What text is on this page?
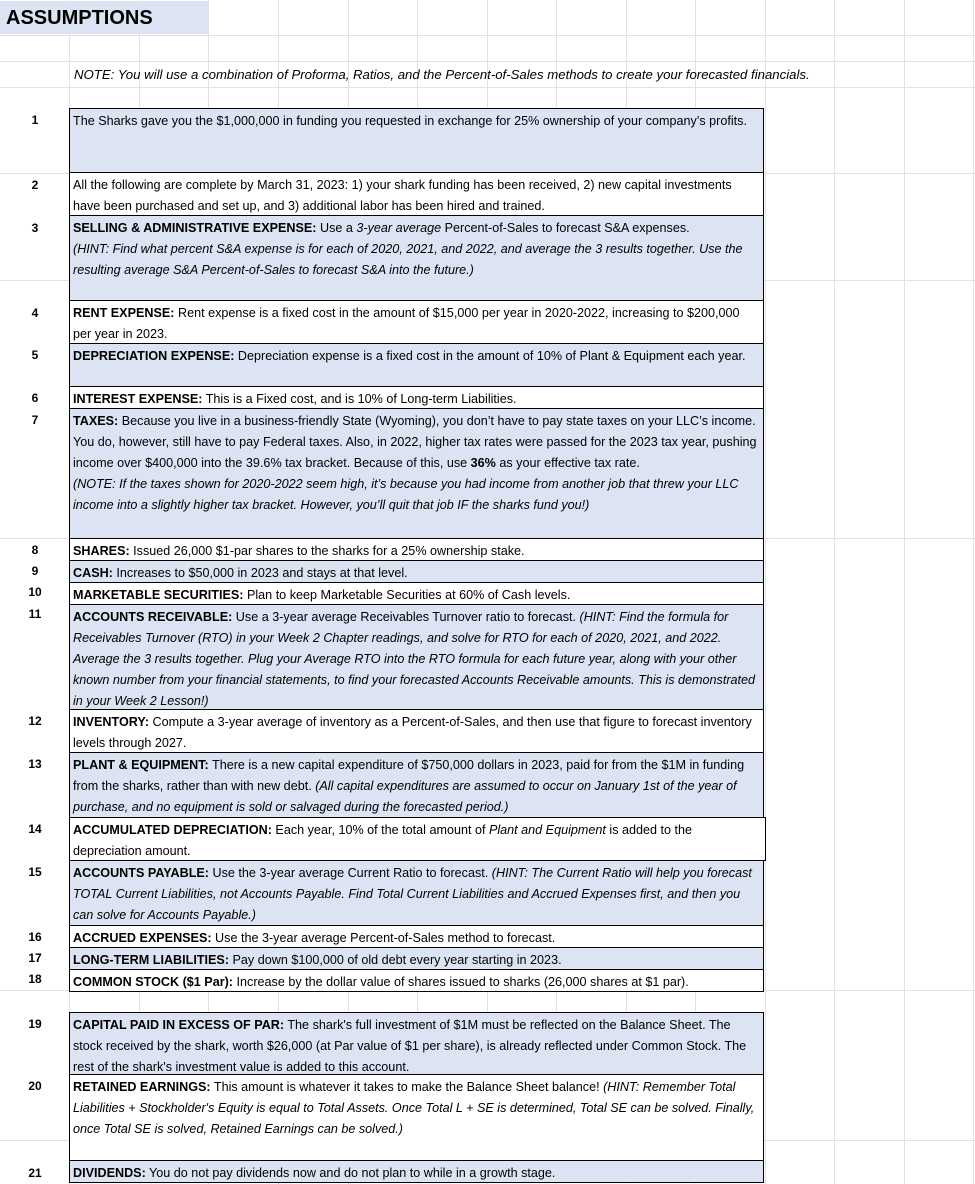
ASSUMPTIONS
NOTE: You will use a combination of Proforma, Ratios, and the Percent-of-Sales methods to create your forecasted financials.
1	The Sharks gave you the $1,000,000 in funding you requested in exchange for 25% ownership of your company’s profits.
2	All the following are complete by March 31, 2023: 1) your shark funding has been received, 2) new capital investments have been purchased and set up, and 3) additional labor has been hired and trained.
3	SELLING & ADMINISTRATIVE EXPENSE: Use a 3-year average Percent-of-Sales to forecast S&A expenses.
(HINT: Find what percent S&A expense is for each of 2020, 2021, and 2022, and average the 3 results together. Use the resulting average S&A Percent-of-Sales to forecast S&A into the future.)
4	RENT EXPENSE: Rent expense is a fixed cost in the amount of $15,000 per year in 2020-2022, increasing to $200,000 per year in 2023.
5	DEPRECIATION EXPENSE: Depreciation expense is a fixed cost in the amount of 10% of Plant & Equipment each year.
6	INTEREST EXPENSE: This is a Fixed cost, and is 10% of Long-term Liabilities.
7	TAXES: Because you live in a business-friendly State (Wyoming), you don’t have to pay state taxes on your LLC’s income. You do, however, still have to pay Federal taxes. Also, in 2022, higher tax rates were passed for the 2023 tax year, pushing income over $400,000 into the 39.6% tax bracket. Because of this, use 36% as your effective tax rate.
(NOTE: If the taxes shown for 2020-2022 seem high, it’s because you had income from another job that threw your LLC income into a slightly higher tax bracket. However, you’ll quit that job IF the sharks fund you!)
8	SHARES: Issued 26,000 $1-par shares to the sharks for a 25% ownership stake.
9	CASH: Increases to $50,000 in 2023 and stays at that level.
10	MARKETABLE SECURITIES: Plan to keep Marketable Securities at 60% of Cash levels.
11	ACCOUNTS RECEIVABLE: Use a 3-year average Receivables Turnover ratio to forecast. (HINT: Find the formula for Receivables Turnover (RTO) in your Week 2 Chapter readings, and solve for RTO for each of 2020, 2021, and 2022. Average the 3 results together. Plug your Average RTO into the RTO formula for each future year, along with your other known number from your financial statements, to find your forecasted Accounts Receivable amounts. This is demonstrated in your Week 2 Lesson!)
12	INVENTORY: Compute a 3-year average of inventory as a Percent-of-Sales, and then use that figure to forecast inventory levels through 2027.
13	PLANT & EQUIPMENT: There is a new capital expenditure of $750,000 dollars in 2023, paid for from the $1M in funding from the sharks, rather than with new debt. (All capital expenditures are assumed to occur on January 1st of the year of purchase, and no equipment is sold or salvaged during the forecasted period.)
14	ACCUMULATED DEPRECIATION: Each year, 10% of the total amount of Plant and Equipment is added to the depreciation amount.
15	ACCOUNTS PAYABLE: Use the 3-year average Current Ratio to forecast. (HINT: The Current Ratio will help you forecast TOTAL Current Liabilities, not Accounts Payable. Find Total Current Liabilities and Accrued Expenses first, and then you can solve for Accounts Payable.)
16	ACCRUED EXPENSES: Use the 3-year average Percent-of-Sales method to forecast.
17	LONG-TERM LIABILITIES: Pay down $100,000 of old debt every year starting in 2023.
18	COMMON STOCK ($1 Par): Increase by the dollar value of shares issued to sharks (26,000 shares at $1 par).
19	CAPITAL PAID IN EXCESS OF PAR: The shark's full investment of $1M must be reflected on the Balance Sheet. The stock received by the shark, worth $26,000 (at Par value of $1 per share), is already reflected under Common Stock. The rest of the shark's investment value is added to this account.
20	RETAINED EARNINGS: This amount is whatever it takes to make the Balance Sheet balance! (HINT: Remember Total Liabilities + Stockholder's Equity is equal to Total Assets. Once Total L + SE is determined, Total SE can be solved. Finally, once Total SE is solved, Retained Earnings can be solved.)
21	DIVIDENDS: You do not pay dividends now and do not plan to while in a growth stage.
